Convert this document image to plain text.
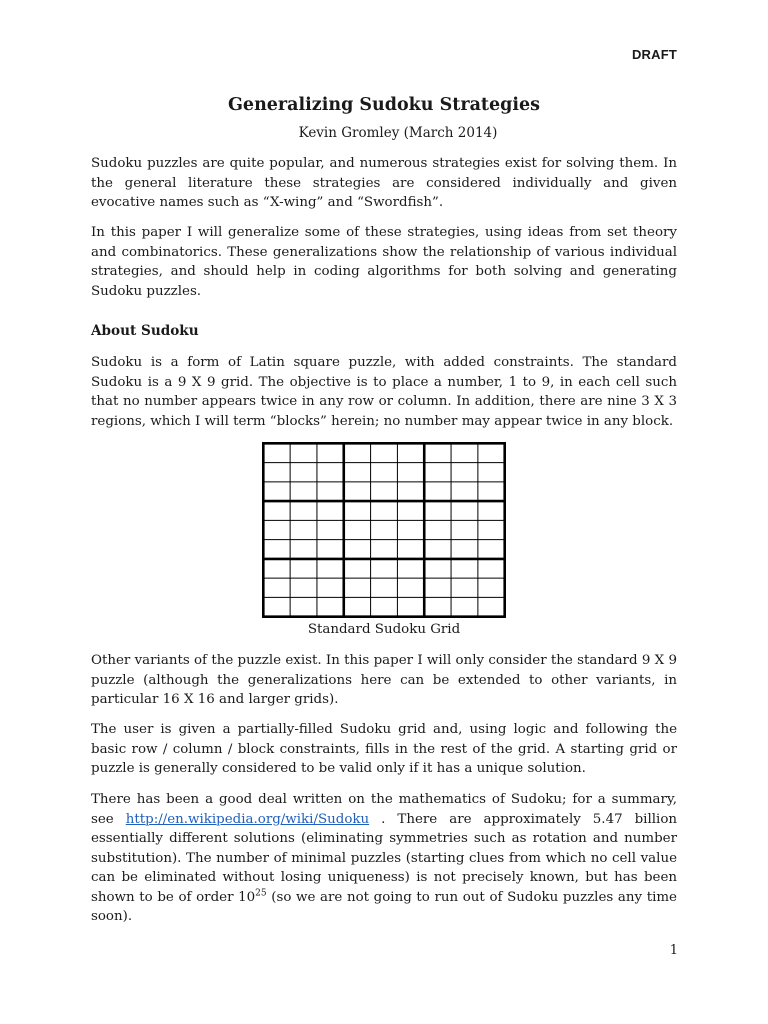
DRAFT
Generalizing Sudoku Strategies
Kevin Gromley (March 2014)

Sudoku puzzles are quite popular, and numerous strategies exist for solving them. In the general literature these strategies are considered individually and given evocative names such as “X-wing” and “Swordfish”.

In this paper I will generalize some of these strategies, using ideas from set theory and combinatorics. These generalizations show the relationship of various individual strategies, and should help in coding algorithms for both solving and generating Sudoku puzzles.

About Sudoku

Sudoku is a form of Latin square puzzle, with added constraints. The standard Sudoku is a 9 X 9 grid. The objective is to place a number, 1 to 9, in each cell such that no number appears twice in any row or column. In addition, there are nine 3 X 3 regions, which I will term “blocks” herein; no number may appear twice in any block.

Standard Sudoku Grid

Other variants of the puzzle exist. In this paper I will only consider the standard 9 X 9 puzzle (although the generalizations here can be extended to other variants, in particular 16 X 16 and larger grids).

The user is given a partially-filled Sudoku grid and, using logic and following the basic row / column / block constraints, fills in the rest of the grid. A starting grid or puzzle is generally considered to be valid only if it has a unique solution.

There has been a good deal written on the mathematics of Sudoku; for a summary, see http://en.wikipedia.org/wiki/Sudoku . There are approximately 5.47 billion essentially different solutions (eliminating symmetries such as rotation and number substitution). The number of minimal puzzles (starting clues from which no cell value can be eliminated without losing uniqueness) is not precisely known, but has been shown to be of order $10^{25}$ (so we are not going to run out of Sudoku puzzles any time soon).

1
